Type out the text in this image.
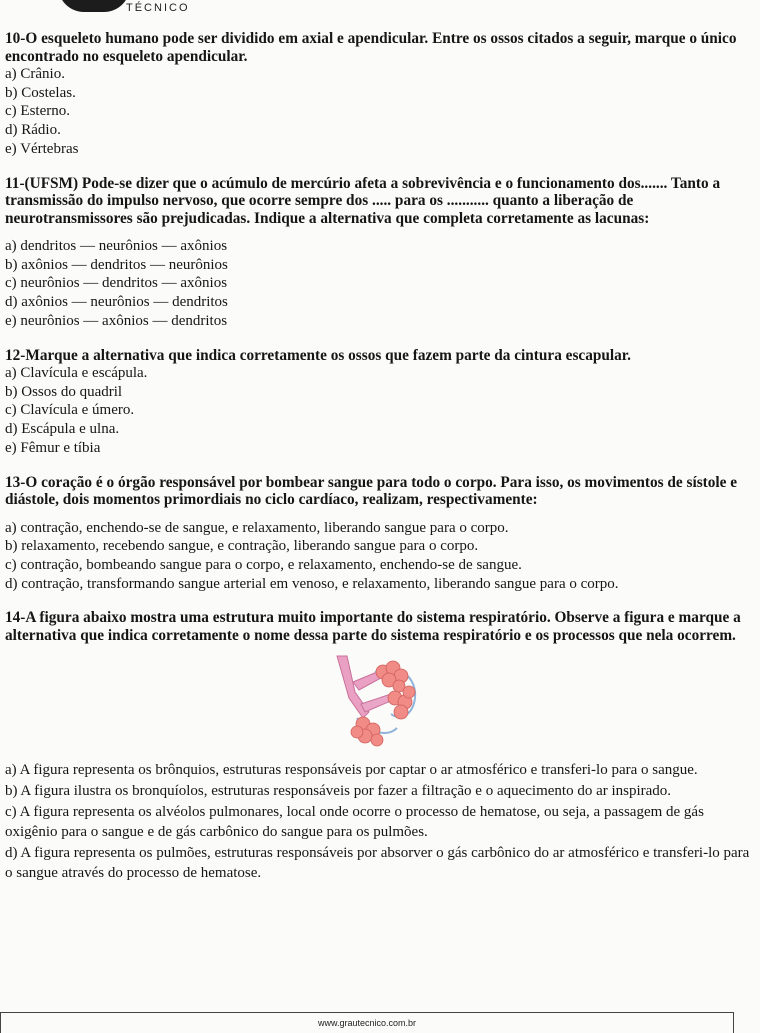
TÉCNICO

10-O esqueleto humano pode ser dividido em axial e apendicular. Entre os ossos citados a seguir, marque o único encontrado no esqueleto apendicular.

a) Crânio.

b) Costelas.

c) Esterno.

d) Rádio.

e) Vértebras

11-(UFSM) Pode-se dizer que o acúmulo de mercúrio afeta a sobrevivência e o funcionamento dos....... Tanto a transmissão do impulso nervoso, que ocorre sempre dos ..... para os ........... quanto a liberação de neurotransmissores são prejudicadas. Indique a alternativa que completa corretamente as lacunas:

a) dendritos — neurônios — axônios

b) axônios — dendritos — neurônios

c) neurônios — dendritos — axônios

d) axônios — neurônios — dendritos

e) neurônios — axônios — dendritos

12-Marque a alternativa que indica corretamente os ossos que fazem parte da cintura escapular.

a) Clavícula e escápula.

b) Ossos do quadril

c) Clavícula e úmero.

d) Escápula e ulna.

e) Fêmur e tíbia

13-O coração é o órgão responsável por bombear sangue para todo o corpo. Para isso, os movimentos de sístole e diástole, dois momentos primordiais no ciclo cardíaco, realizam, respectivamente:

a) contração, enchendo-se de sangue, e relaxamento, liberando sangue para o corpo.

b) relaxamento, recebendo sangue, e contração, liberando sangue para o corpo.

c) contração, bombeando sangue para o corpo, e relaxamento, enchendo-se de sangue.

d) contração, transformando sangue arterial em venoso, e relaxamento, liberando sangue para o corpo.

14-A figura abaixo mostra uma estrutura muito importante do sistema respiratório. Observe a figura e marque a alternativa que indica corretamente o nome dessa parte do sistema respiratório e os processos que nela ocorrem.

a) A figura representa os brônquios, estruturas responsáveis por captar o ar atmosférico e transferi-lo para o sangue.

b) A figura ilustra os bronquíolos, estruturas responsáveis por fazer a filtração e o aquecimento do ar inspirado.

c) A figura representa os alvéolos pulmonares, local onde ocorre o processo de hematose, ou seja, a passagem de gás oxigênio para o sangue e de gás carbônico do sangue para os pulmões.

d) A figura representa os pulmões, estruturas responsáveis por absorver o gás carbônico do ar atmosférico e transferi-lo para o sangue através do processo de hematose.

www.grautecnico.com.br
